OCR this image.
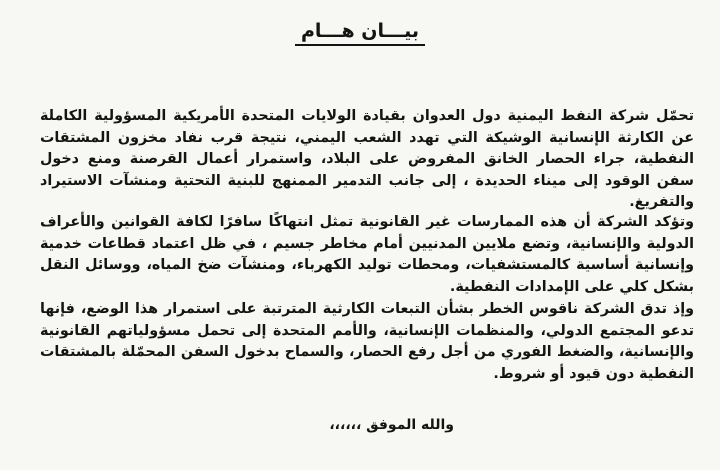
بيـــان هـــام

تحمّل شركة النفط اليمنية دول العدوان بقيادة الولايات المتحدة الأمريكية المسؤولية الكاملة عن الكارثة الإنسانية الوشيكة التي تهدد الشعب اليمني، نتيجة قرب نفاد مخزون المشتقات النفطية، جراء الحصار الخانق المفروض على البلاد، واستمرار أعمال القرصنة ومنع دخول سفن الوقود إلى ميناء الحديدة ، إلى جانب التدمير الممنهج للبنية التحتية ومنشآت الاستيراد والتفريغ.

وتؤكد الشركة أن هذه الممارسات غير القانونية تمثل انتهاكًا سافرًا لكافة القوانين والأعراف الدولية والإنسانية، وتضع ملايين المدنيين أمام مخاطر جسيم ، في ظل اعتماد قطاعات خدمية وإنسانية أساسية كالمستشفيات، ومحطات توليد الكهرباء، ومنشآت ضخ المياه، ووسائل النقل بشكل كلي على الإمدادات النفطية.

وإذ تدق الشركة ناقوس الخطر بشأن التبعات الكارثية المترتبة على استمرار هذا الوضع، فإنها تدعو المجتمع الدولي، والمنظمات الإنسانية، والأمم المتحدة إلى تحمل مسؤولياتهم القانونية والإنسانية، والضغط الفوري من أجل رفع الحصار، والسماح بدخول السفن المحمّلة بالمشتقات النفطية دون قيود أو شروط.

والله الموفق ،،،،،،
